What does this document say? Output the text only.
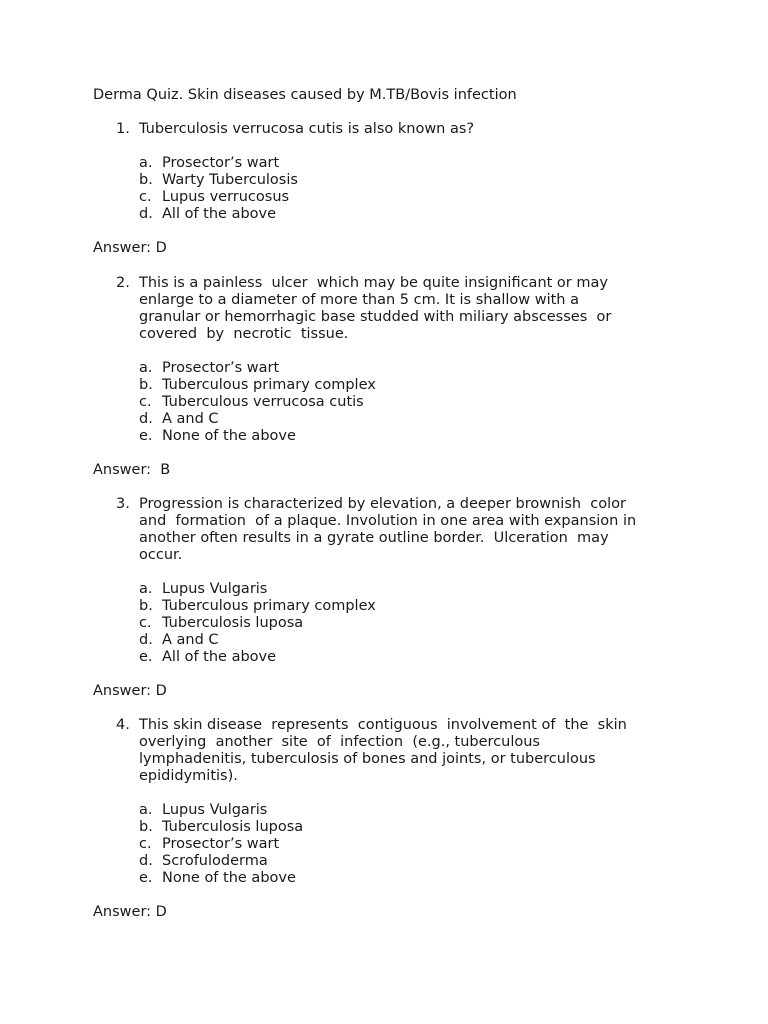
Derma Quiz. Skin diseases caused by M.TB/Bovis infection
1. Tuberculosis verrucosa cutis is also known as?
a. Prosector’s wart
b. Warty Tuberculosis
c. Lupus verrucosus
d. All of the above
Answer: D
2. This is a painless  ulcer  which may be quite insignificant or may
enlarge to a diameter of more than 5 cm. It is shallow with a
granular or hemorrhagic base studded with miliary abscesses  or
covered  by  necrotic  tissue.
a. Prosector’s wart
b. Tuberculous primary complex
c. Tuberculous verrucosa cutis
d. A and C
e. None of the above
Answer:  B
3. Progression is characterized by elevation, a deeper brownish  color
and  formation  of a plaque. Involution in one area with expansion in
another often results in a gyrate outline border.  Ulceration  may
occur.
a. Lupus Vulgaris
b. Tuberculous primary complex
c. Tuberculosis luposa
d. A and C
e. All of the above
Answer: D
4. This skin disease  represents  contiguous  involvement of  the  skin
overlying  another  site  of  infection  (e.g., tuberculous
lymphadenitis, tuberculosis of bones and joints, or tuberculous
epididymitis).
a. Lupus Vulgaris
b. Tuberculosis luposa
c. Prosector’s wart
d. Scrofuloderma
e. None of the above
Answer: D
